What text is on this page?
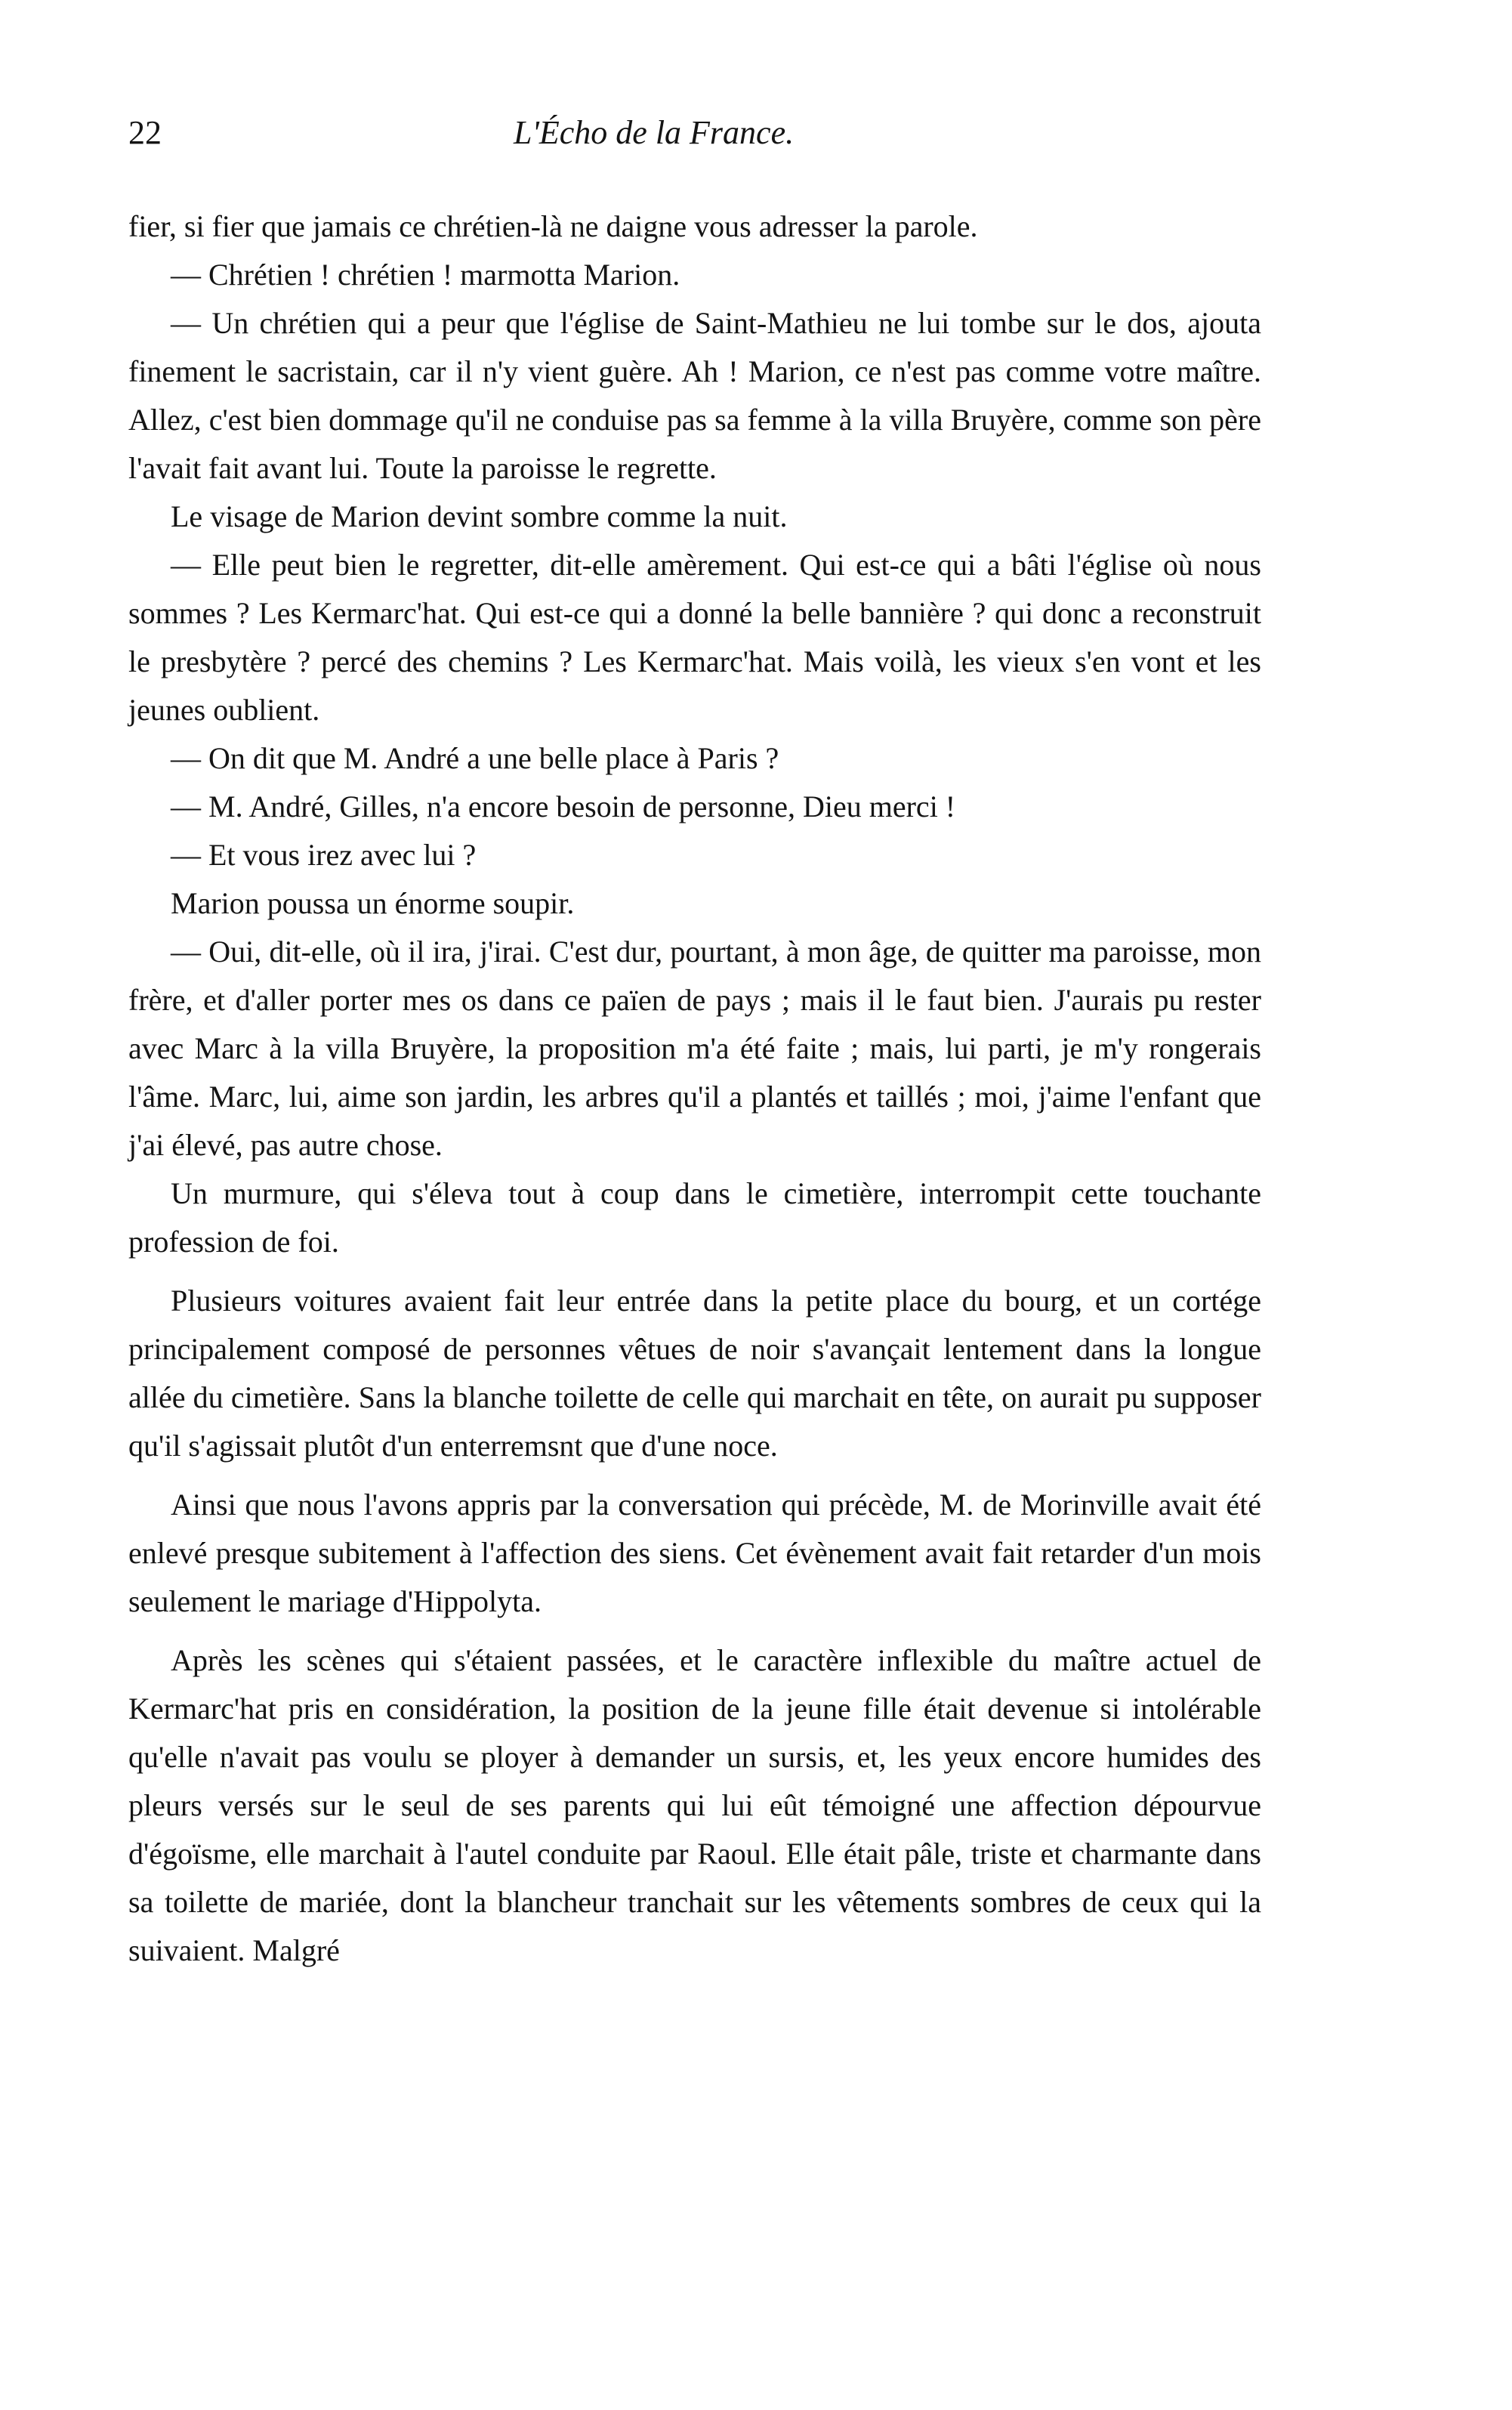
22	L'Écho de la France.

fier, si fier que jamais ce chrétien-là ne daigne vous adresser la parole.

— Chrétien ! chrétien ! marmotta Marion.

— Un chrétien qui a peur que l'église de Saint-Mathieu ne lui tombe sur le dos, ajouta finement le sacristain, car il n'y vient guère. Ah ! Marion, ce n'est pas comme votre maître. Allez, c'est bien dommage qu'il ne conduise pas sa femme à la villa Bruyère, comme son père l'avait fait avant lui. Toute la paroisse le regrette.

Le visage de Marion devint sombre comme la nuit.

— Elle peut bien le regretter, dit-elle amèrement. Qui est-ce qui a bâti l'église où nous sommes ? Les Kermarc'hat. Qui est-ce qui a donné la belle bannière ? qui donc a reconstruit le presbytère ? percé des chemins ? Les Kermarc'hat. Mais voilà, les vieux s'en vont et les jeunes oublient.

— On dit que M. André a une belle place à Paris ?

— M. André, Gilles, n'a encore besoin de personne, Dieu merci !

— Et vous irez avec lui ?

Marion poussa un énorme soupir.

— Oui, dit-elle, où il ira, j'irai. C'est dur, pourtant, à mon âge, de quitter ma paroisse, mon frère, et d'aller porter mes os dans ce païen de pays ; mais il le faut bien. J'aurais pu rester avec Marc à la villa Bruyère, la proposition m'a été faite ; mais, lui parti, je m'y rongerais l'âme. Marc, lui, aime son jardin, les arbres qu'il a plantés et taillés ; moi, j'aime l'enfant que j'ai élevé, pas autre chose.

Un murmure, qui s'éleva tout à coup dans le cimetière, interrompit cette touchante profession de foi.

Plusieurs voitures avaient fait leur entrée dans la petite place du bourg, et un cortége principalement composé de personnes vêtues de noir s'avançait lentement dans la longue allée du cimetière. Sans la blanche toilette de celle qui marchait en tête, on aurait pu supposer qu'il s'agissait plutôt d'un enterremsnt que d'une noce.

Ainsi que nous l'avons appris par la conversation qui précède, M. de Morinville avait été enlevé presque subitement à l'affection des siens. Cet évènement avait fait retarder d'un mois seulement le mariage d'Hippolyta.

Après les scènes qui s'étaient passées, et le caractère inflexible du maître actuel de Kermarc'hat pris en considération, la position de la jeune fille était devenue si intolérable qu'elle n'avait pas voulu se ployer à demander un sursis, et, les yeux encore humides des pleurs versés sur le seul de ses parents qui lui eût témoigné une affection dépourvue d'égoïsme, elle marchait à l'autel conduite par Raoul. Elle était pâle, triste et charmante dans sa toilette de mariée, dont la blancheur tranchait sur les vêtements sombres de ceux qui la suivaient. Malgré
